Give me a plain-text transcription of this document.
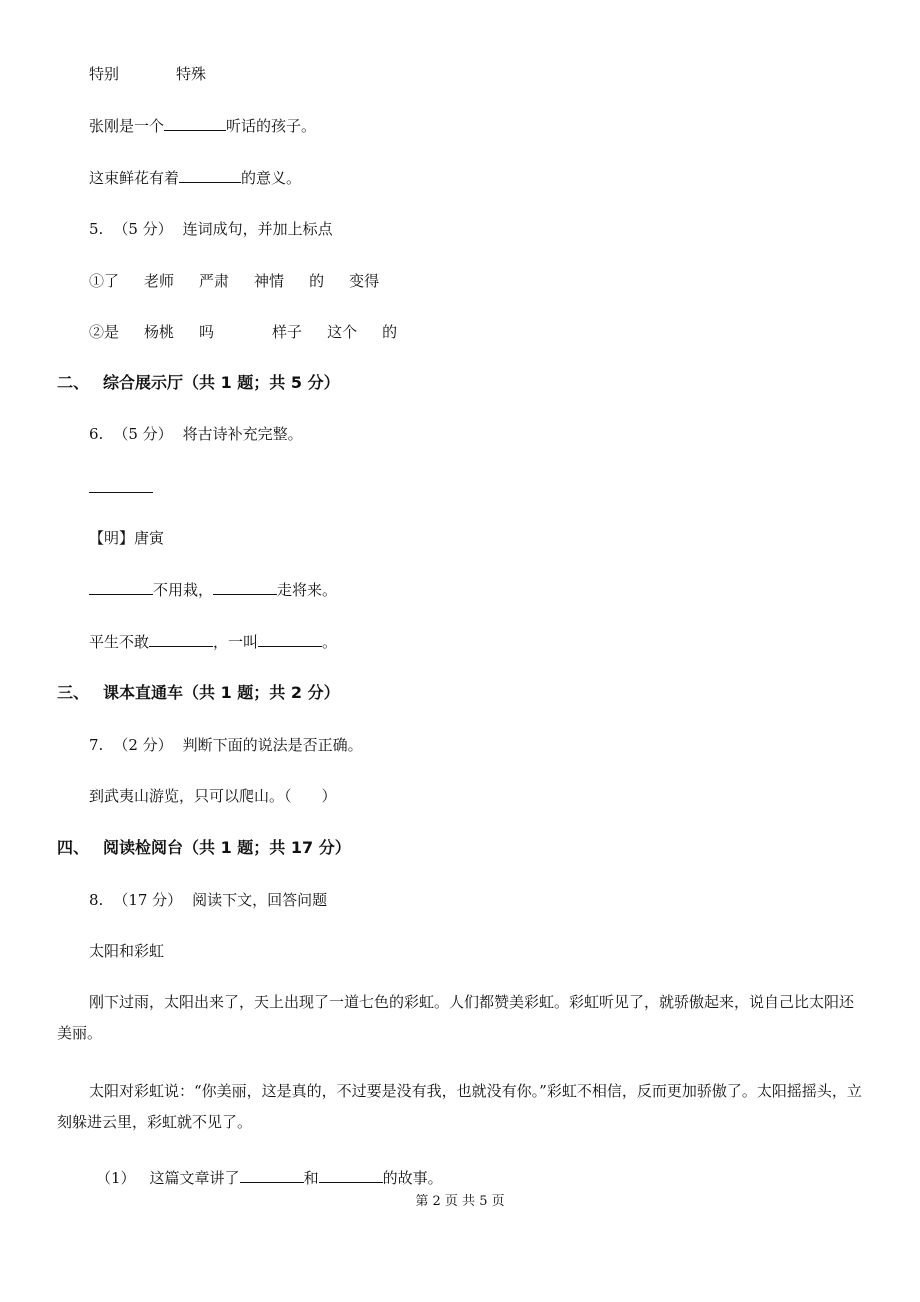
特别	特殊
张刚是一个	听话的孩子。
这束鲜花有着	的意义。
5. （5 分） 连词成句，并加上标点
①了 老师 严肃 神情 的 变得
②是 杨桃 吗	样子 这个 的
二、 综合展示厅（共 1 题；共 5 分）
6. （5 分） 将古诗补充完整。
【明】唐寅
不用栽，	走将来。
平生不敢	，一叫	。
三、 课本直通车（共 1 题；共 2 分）
7. （2 分） 判断下面的说法是否正确。
到武夷山游览，只可以爬山。（　　）
四、 阅读检阅台（共 1 题；共 17 分）
8. （17 分） 阅读下文，回答问题
太阳和彩虹
刚下过雨，太阳出来了，天上出现了一道七色的彩虹。人们都赞美彩虹。彩虹听见了，就骄傲起来，说自己比太阳还美丽。
太阳对彩虹说：“你美丽，这是真的，不过要是没有我，也就没有你。”彩虹不相信，反而更加骄傲了。太阳摇摇头，立刻躲进云里，彩虹就不见了。
（1） 这篇文章讲了	和	的故事。
第 2 页 共 5 页
